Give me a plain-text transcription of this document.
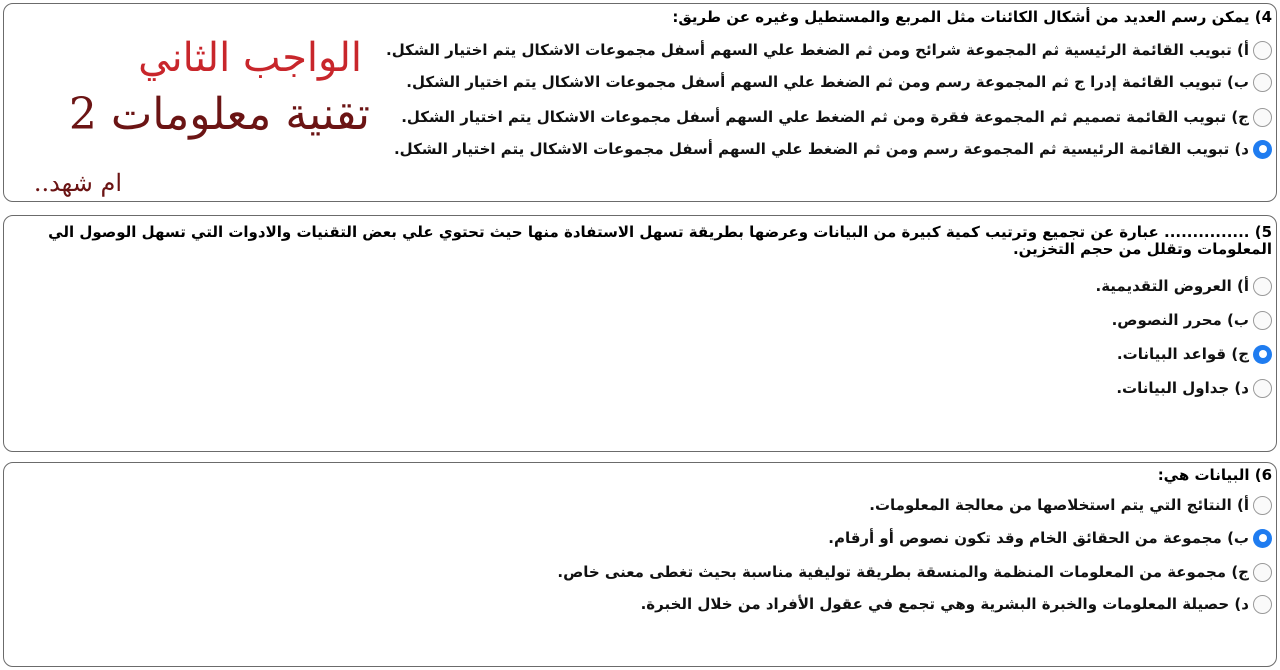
4) يمكن رسم العديد من أشكال الكائنات مثل المربع والمستطيل وغيره عن طريق:
أ) تبويب القائمة الرئيسية ثم المجموعة شرائح ومن ثم الضغط علي السهم أسفل مجموعات الاشكال يتم اختيار الشكل.
ب) تبويب القائمة إدرا ج ثم المجموعة رسم ومن ثم الضغط علي السهم أسفل مجموعات الاشكال يتم اختيار الشكل.
ج) تبويب القائمة تصميم ثم المجموعة فقرة ومن ثم الضغط علي السهم أسفل مجموعات الاشكال يتم اختيار الشكل.
د) تبويب القائمة الرئيسية ثم المجموعة رسم ومن ثم الضغط علي السهم أسفل مجموعات الاشكال يتم اختيار الشكل.
5) ............... عبارة عن تجميع وترتيب كمية كبيرة من البيانات وعرضها بطريقة تسهل الاستفادة منها حيث تحتوي علي بعض التقنيات والادوات التي تسهل الوصول الي المعلومات وتقلل من حجم التخزين.
أ) العروض التقديمية.
ب) محرر النصوص.
ج) قواعد البيانات.
د) جداول البيانات.
6) البيانات هي:
أ) النتائج التي يتم استخلاصها من معالجة المعلومات.
ب) مجموعة من الحقائق الخام وقد تكون نصوص أو أرقام.
ج) مجموعة من المعلومات المنظمة والمنسقة بطريقة توليفية مناسبة بحيث تغطى معنى خاص.
د) حصيلة المعلومات والخبرة البشرية وهي تجمع في عقول الأفراد من خلال الخبرة.
الواجب الثاني
تقنية معلومات 2
ام شهد..
